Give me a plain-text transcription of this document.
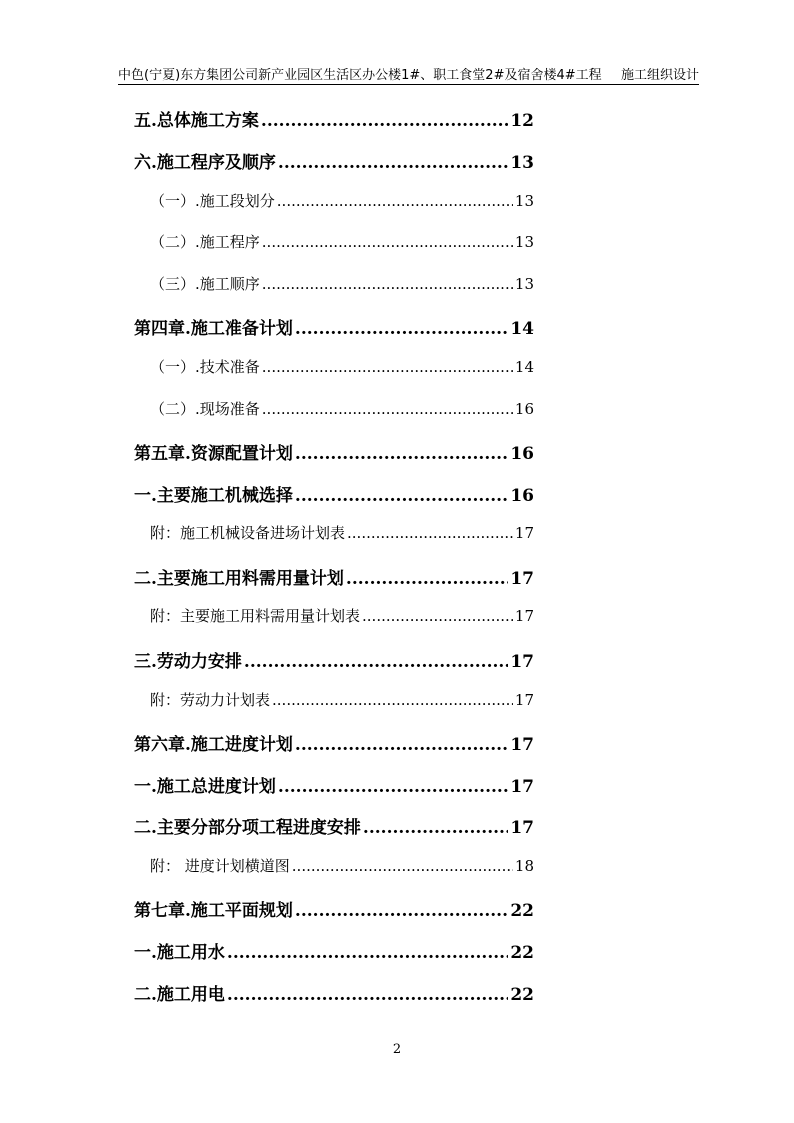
中色(宁夏)东方集团公司新产业园区生活区办公楼1#、职工食堂2#及宿舍楼4#工程 施工组织设计
五.总体施工方案 .....	12
六.施工程序及顺序 .....	13
（一）.施工段划分 .....	13
（二）.施工程序 .....	13
（三）.施工顺序 .....	13
第四章.施工准备计划 .....	14
（一）.技术准备 .....	14
（二）.现场准备 .....	16
第五章.资源配置计划 .....	16
一.主要施工机械选择 .....	16
附：施工机械设备进场计划表 .....	17
二.主要施工用料需用量计划 .....	17
附：主要施工用料需用量计划表 .....	17
三.劳动力安排 .....	17
附：劳动力计划表 .....	17
第六章.施工进度计划 .....	17
一.施工总进度计划 .....	17
二.主要分部分项工程进度安排 .....	17
附： 进度计划横道图 .....	18
第七章.施工平面规划 .....	22
一.施工用水 .....	22
二.施工用电 .....	22
2
